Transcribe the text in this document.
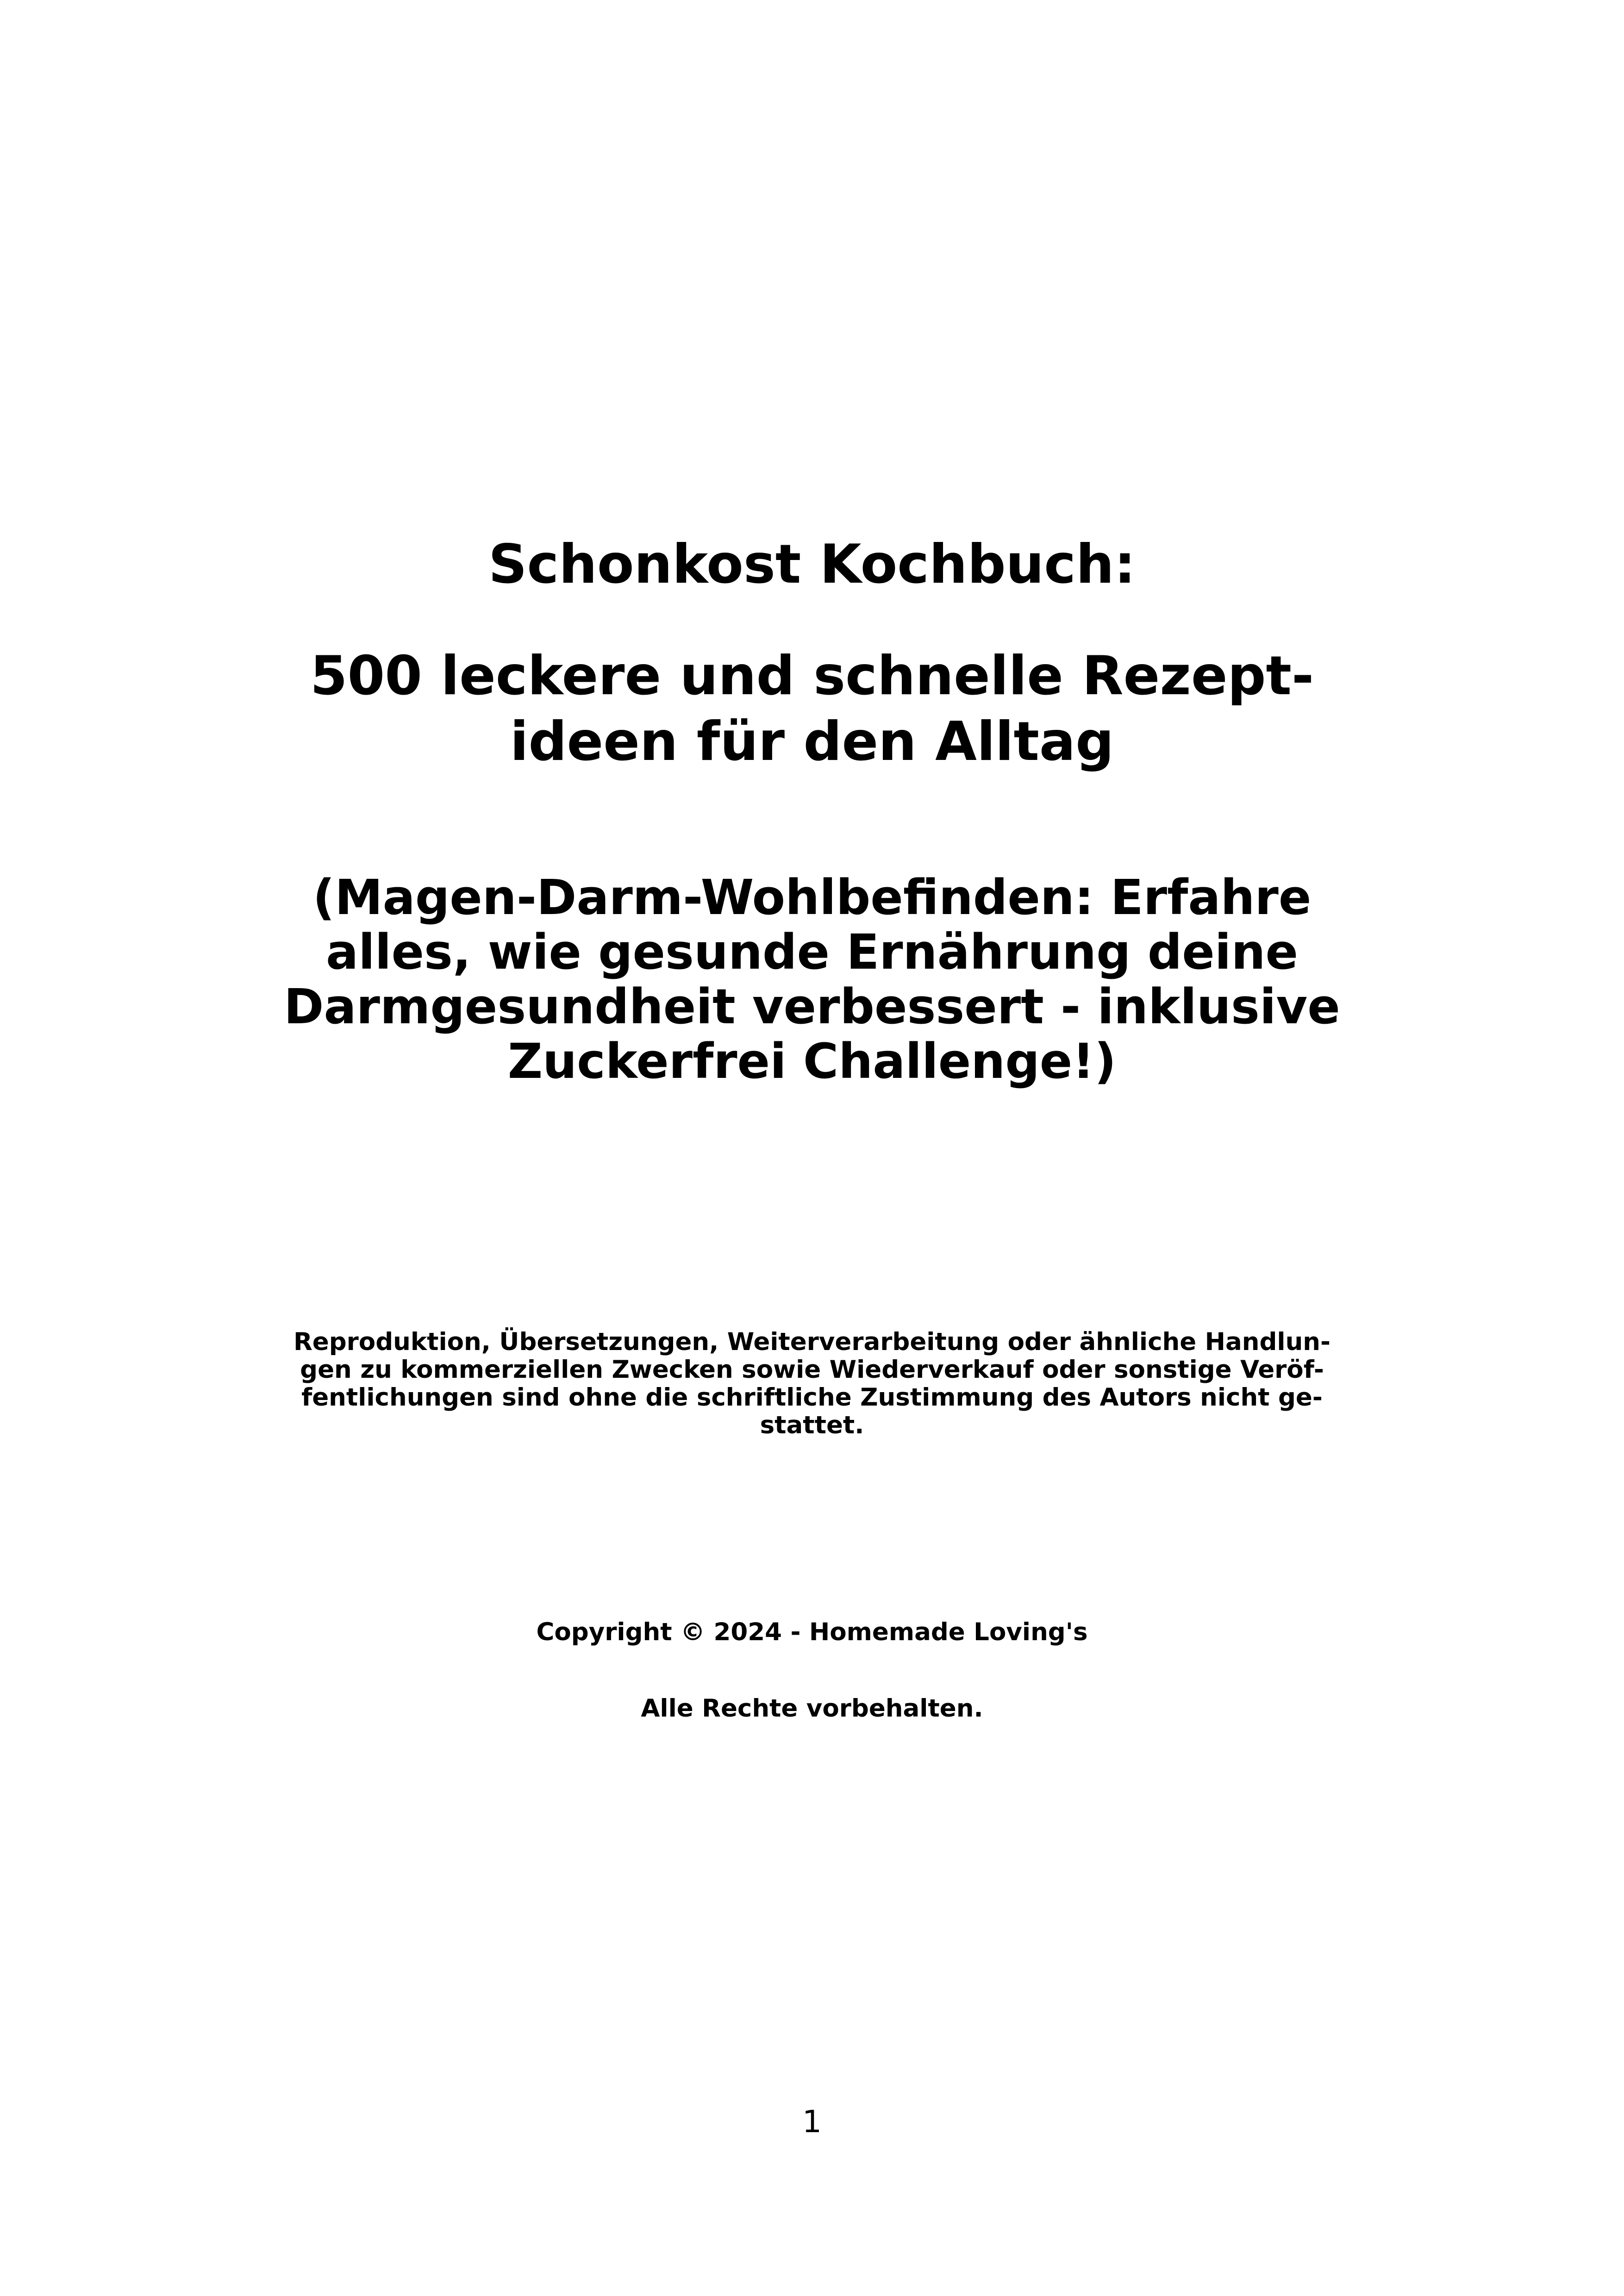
Schonkost Kochbuch:
500 leckere und schnelle Rezept-
ideen für den Alltag
(Magen-Darm-Wohlbefinden: Erfahre
alles, wie gesunde Ernährung deine
Darmgesundheit verbessert - inklusive
Zuckerfrei Challenge!)

Reproduktion, Übersetzungen, Weiterverarbeitung oder ähnliche Handlun-
gen zu kommerziellen Zwecken sowie Wiederverkauf oder sonstige Veröf-
fentlichungen sind ohne die schriftliche Zustimmung des Autors nicht ge-
stattet.

Copyright © 2024 - Homemade Loving's

Alle Rechte vorbehalten.

1
